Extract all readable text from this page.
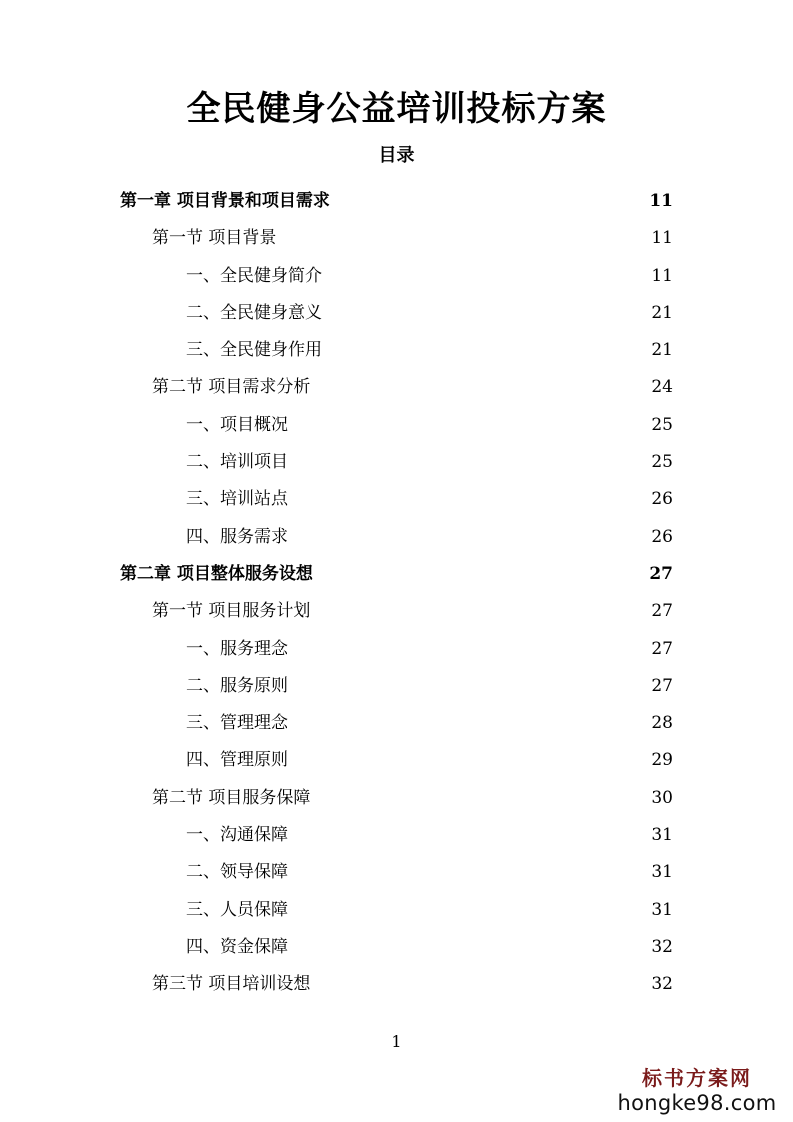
全民健身公益培训投标方案
目录
第一章 项目背景和项目需求	11
第一节 项目背景	11
一、全民健身简介	11
二、全民健身意义	21
三、全民健身作用	21
第二节 项目需求分析	24
一、项目概况	25
二、培训项目	25
三、培训站点	26
四、服务需求	26
第二章 项目整体服务设想	27
第一节 项目服务计划	27
一、服务理念	27
二、服务原则	27
三、管理理念	28
四、管理原则	29
第二节 项目服务保障	30
一、沟通保障	31
二、领导保障	31
三、人员保障	31
四、资金保障	32
第三节 项目培训设想	32
1
标书方案网
hongke98.com
